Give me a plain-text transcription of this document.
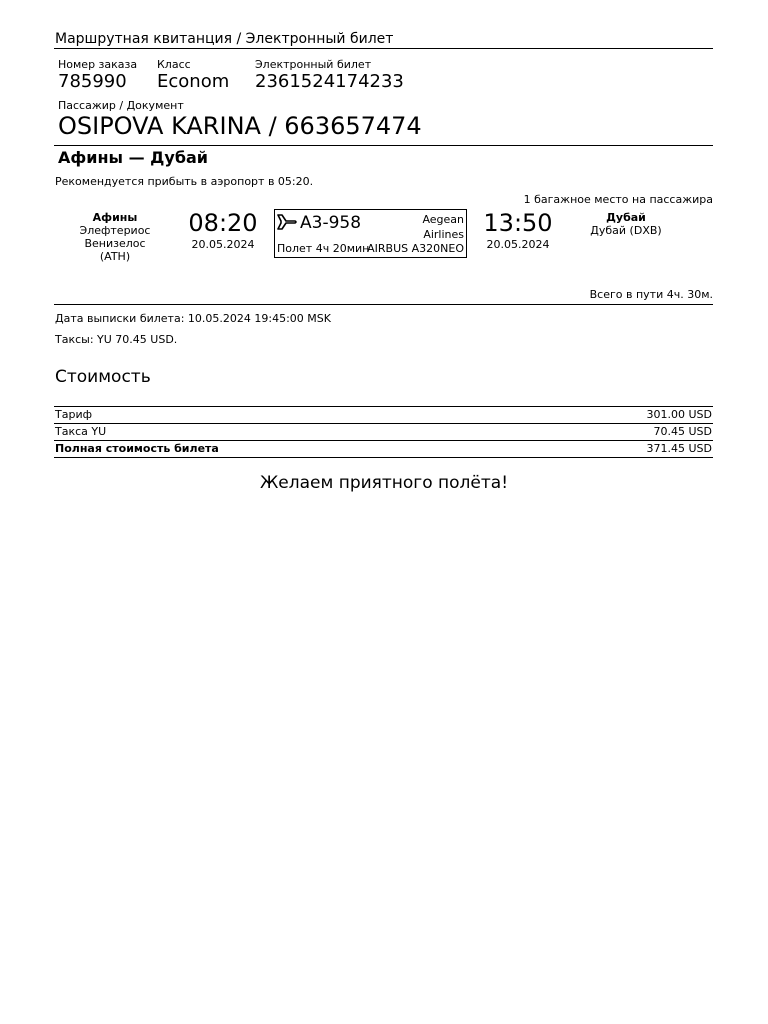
Маршрутная квитанция / Электронный билет
Номер заказа
785990
Класс
Econom
Электронный билет
2361524174233
Пассажир / Документ
OSIPOVA KARINA / 663657474
Афины — Дубай
Рекомендуется прибыть в аэропорт в 05:20.
1 багажное место на пассажира
Афины
Элефтериос
Венизелос
(ATH)
08:20
20.05.2024
A3-958	Aegean
Airlines
Полет 4ч 20мин
AIRBUS A320NEO
13:50
20.05.2024
Дубай
Дубай (DXB)
Всего в пути 4ч. 30м.
Дата выписки билета: 10.05.2024 19:45:00 MSK
Таксы: YU 70.45 USD.
Стоимость
Тариф	301.00 USD
Такса YU	70.45 USD
Полная стоимость билета	371.45 USD
Желаем приятного полёта!
